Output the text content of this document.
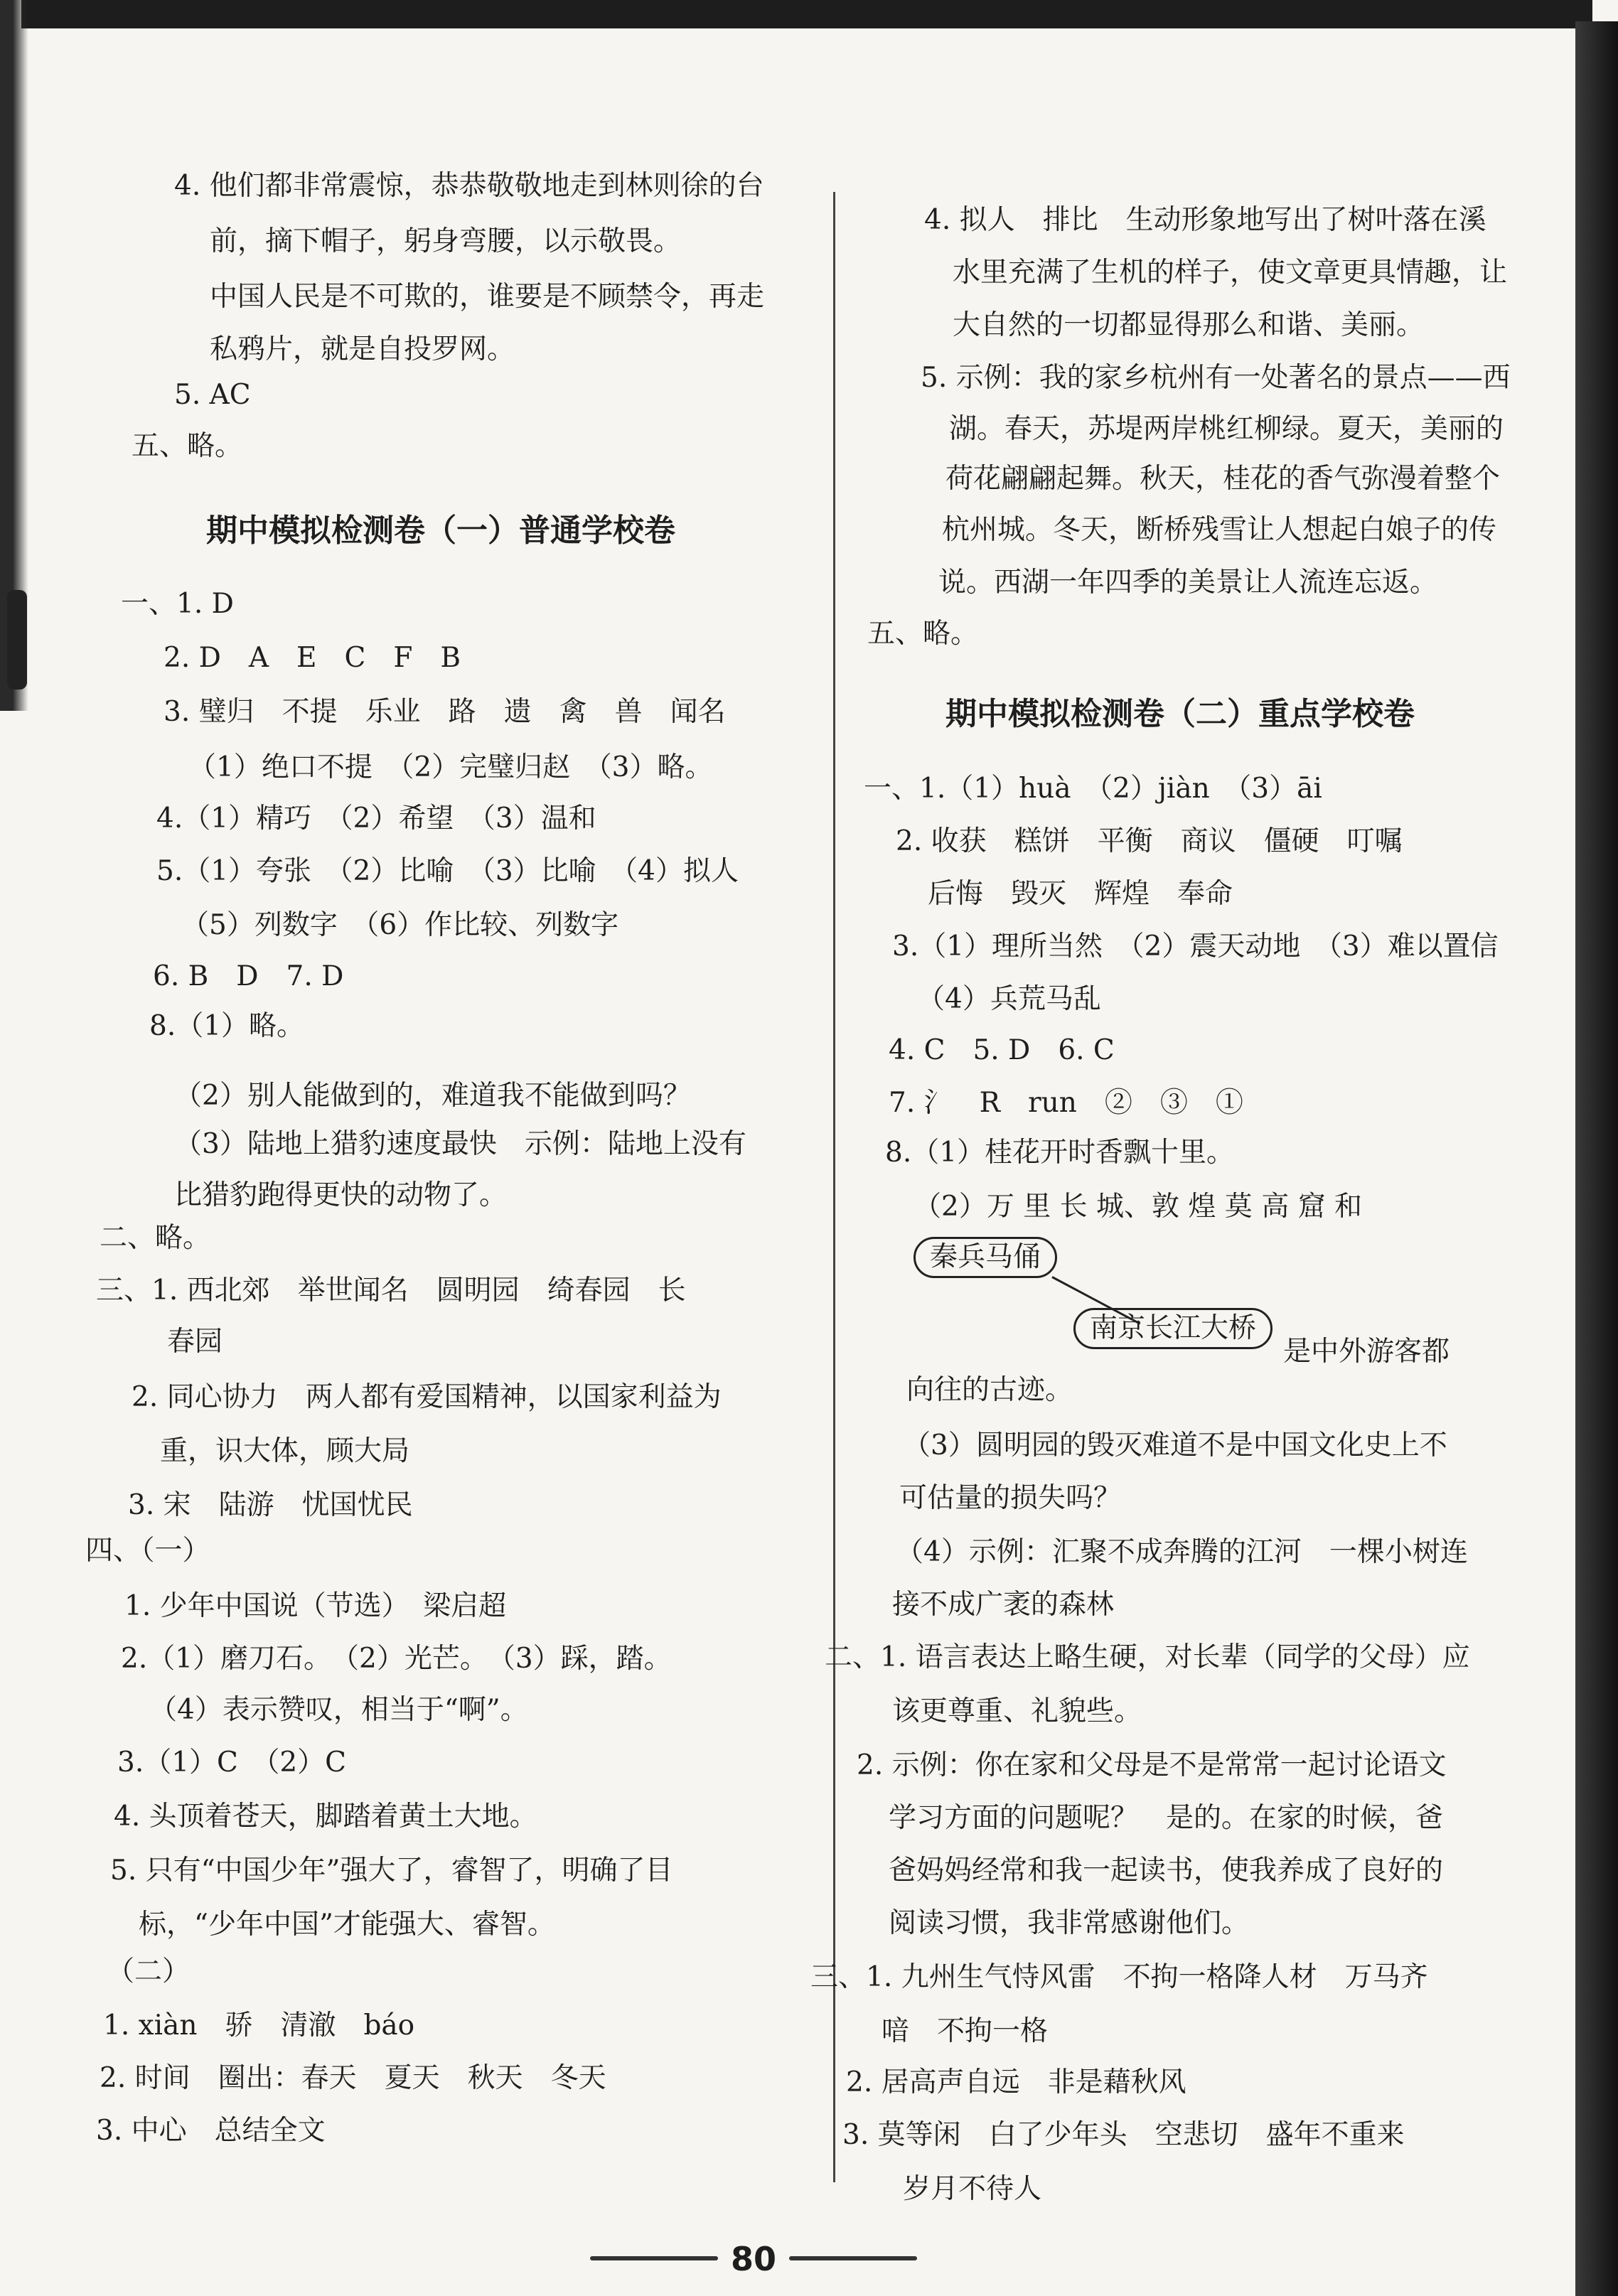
4. 他们都非常震惊，恭恭敬敬地走到林则徐的台
前，摘下帽子，躬身弯腰，以示敬畏。
中国人民是不可欺的，谁要是不顾禁令，再走
私鸦片，就是自投罗网。
5. AC
五、略。
期中模拟检测卷（一）普通学校卷
一、1. D
2. D　A　E　C　F　B
3. 璧归　不提　乐业　路　遗　禽　兽　闻名
（1）绝口不提　（2）完璧归赵　（3）略。
4.（1）精巧　（2）希望　（3）温和
5.（1）夸张　（2）比喻　（3）比喻　（4）拟人
（5）列数字　（6）作比较、列数字
6. B　D　7. D
8.（1）略。
（2）别人能做到的，难道我不能做到吗？
（3）陆地上猎豹速度最快　示例：陆地上没有
比猎豹跑得更快的动物了。
二、略。
三、1. 西北郊　举世闻名　圆明园　绮春园　长
春园
2. 同心协力　两人都有爱国精神，以国家利益为
重，识大体，顾大局
3. 宋　陆游　忧国忧民
四、（一）
1. 少年中国说（节选）　梁启超
2.（1）磨刀石。　（2）光芒。　（3）踩，踏。
（4）表示赞叹，相当于“啊”。
3.（1）C　（2）C
4. 头顶着苍天，脚踏着黄土大地。
5. 只有“中国少年”强大了，睿智了，明确了目
标，“少年中国”才能强大、睿智。
（二）
1. xiàn　骄　清澈　báo
2. 时间　圈出：春天　夏天　秋天　冬天
3. 中心　总结全文
4. 拟人　排比　生动形象地写出了树叶落在溪
水里充满了生机的样子，使文章更具情趣，让
大自然的一切都显得那么和谐、美丽。
5. 示例：我的家乡杭州有一处著名的景点——西
湖。春天，苏堤两岸桃红柳绿。夏天，美丽的
荷花翩翩起舞。秋天，桂花的香气弥漫着整个
杭州城。冬天，断桥残雪让人想起白娘子的传
说。西湖一年四季的美景让人流连忘返。
五、略。
期中模拟检测卷（二）重点学校卷
一、1.（1）huà　（2）jiàn　（3）āi
2. 收获　糕饼　平衡　商议　僵硬　叮嘱
后悔　毁灭　辉煌　奉命
3.（1）理所当然　（2）震天动地　（3）难以置信
（4）兵荒马乱
4. C　5. D　6. C
7. 氵　R　run　②　③　①
8.（1）桂花开时香飘十里。
（2）万 里 长 城、敦 煌 莫 高 窟 和
秦兵马俑
南京长江大桥
是中外游客都
向往的古迹。
（3）圆明园的毁灭难道不是中国文化史上不
可估量的损失吗？
（4）示例：汇聚不成奔腾的江河　一棵小树连
接不成广袤的森林
二、1. 语言表达上略生硬，对长辈（同学的父母）应
该更尊重、礼貌些。
2. 示例：你在家和父母是不是常常一起讨论语文
学习方面的问题呢？　是的。在家的时候，爸
爸妈妈经常和我一起读书，使我养成了良好的
阅读习惯，我非常感谢他们。
三、1. 九州生气恃风雷　不拘一格降人材　万马齐
喑　不拘一格
2. 居高声自远　非是藉秋风
3. 莫等闲　白了少年头　空悲切　盛年不重来
岁月不待人
80
